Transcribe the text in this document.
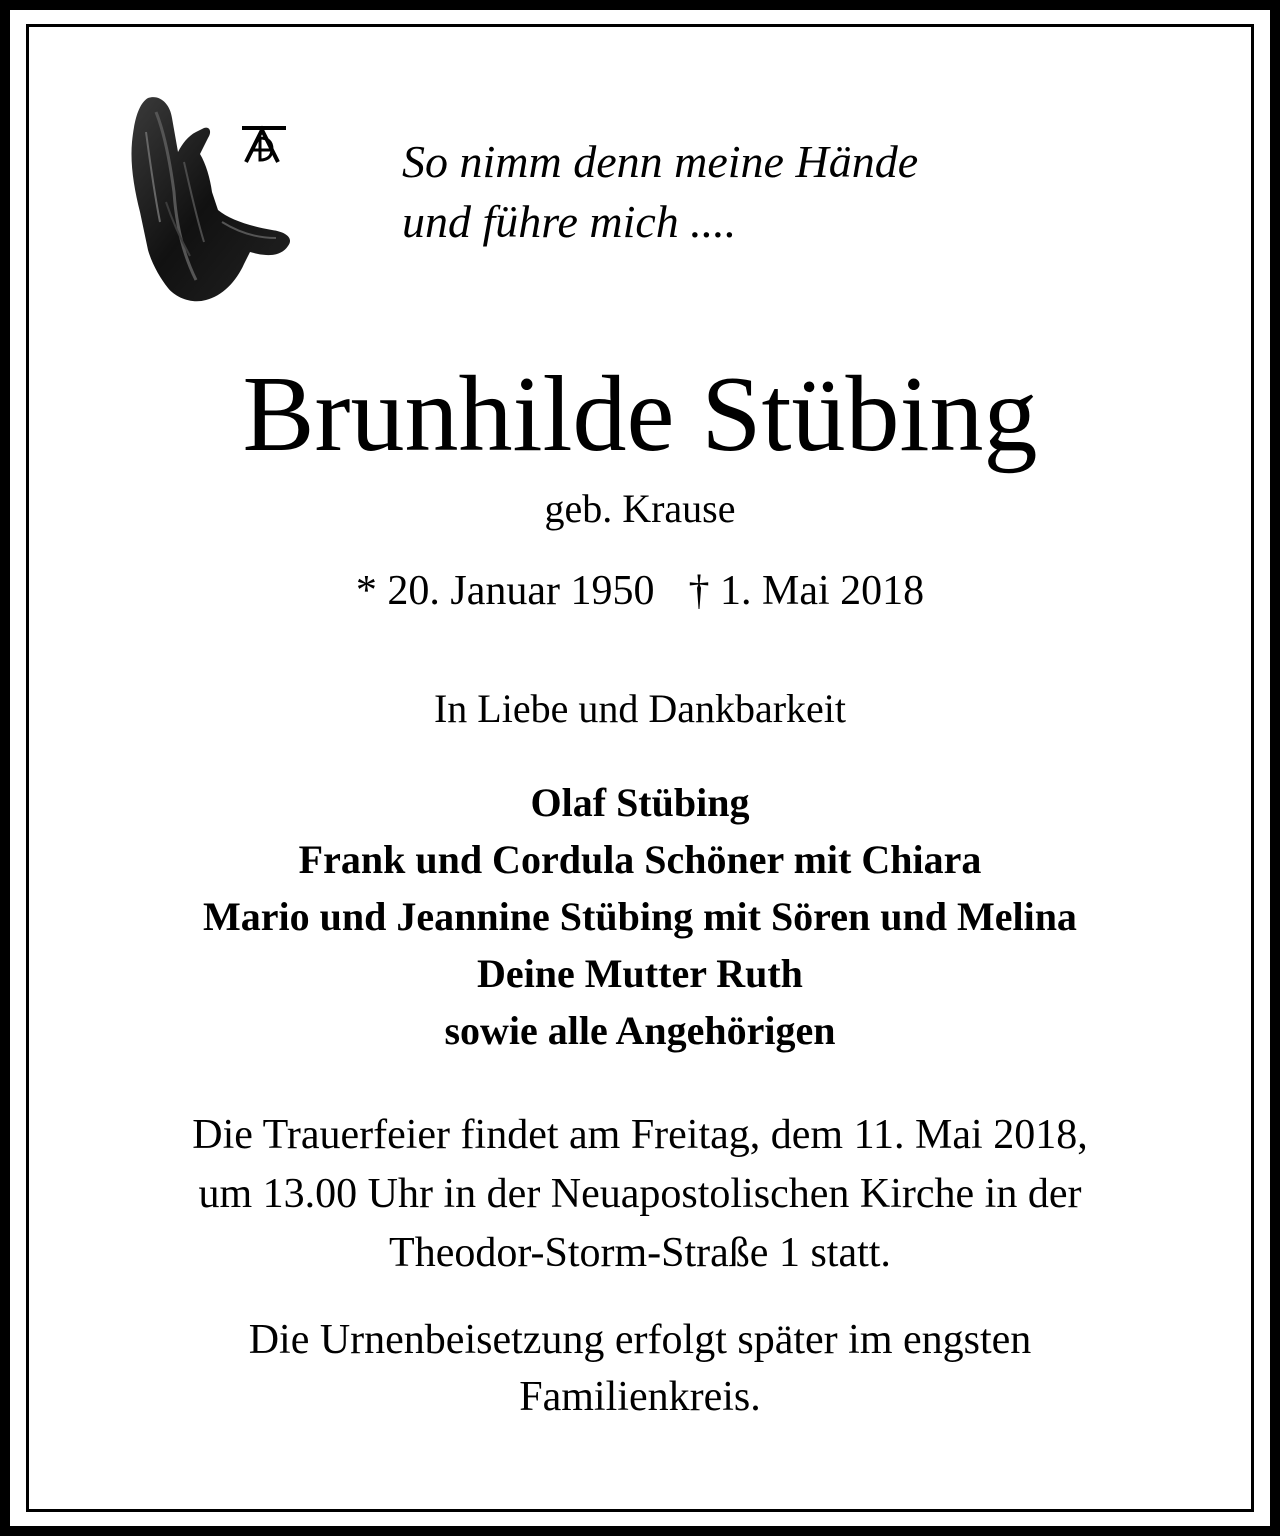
So nimm denn meine Hände
und führe mich ....
Brunhilde Stübing
geb. Krause
* 20. Januar 1950 † 1. Mai 2018
In Liebe und Dankbarkeit
Olaf Stübing
Frank und Cordula Schöner mit Chiara
Mario und Jeannine Stübing mit Sören und Melina
Deine Mutter Ruth
sowie alle Angehörigen
Die Trauerfeier findet am Freitag, dem 11. Mai 2018,
um 13.00 Uhr in der Neuapostolischen Kirche in der
Theodor-Storm-Straße 1 statt.
Die Urnenbeisetzung erfolgt später im engsten
Familienkreis.
